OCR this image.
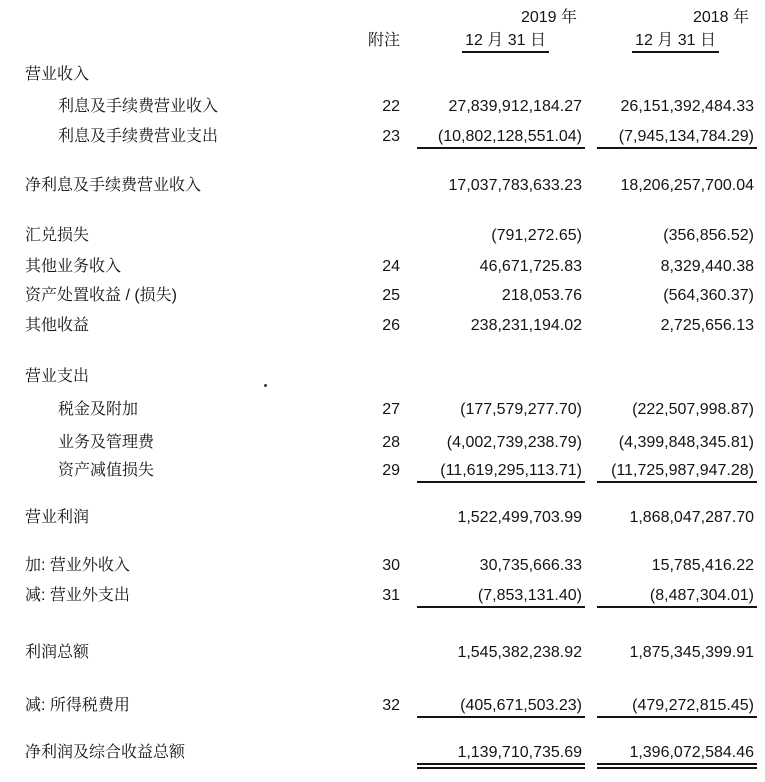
2019 年	2018 年
附注	12 月 31 日	12 月 31 日
营业收入
利息及手续费营业收入	22	27,839,912,184.27	26,151,392,484.33
利息及手续费营业支出	23	(10,802,128,551.04)	(7,945,134,784.29)
净利息及手续费营业收入	17,037,783,633.23	18,206,257,700.04
汇兑损失	(791,272.65)	(356,856.52)
其他业务收入	24	46,671,725.83	8,329,440.38
资产处置收益 / (损失)	25	218,053.76	(564,360.37)
其他收益	26	238,231,194.02	2,725,656.13
营业支出
税金及附加	27	(177,579,277.70)	(222,507,998.87)
业务及管理费	28	(4,002,739,238.79)	(4,399,848,345.81)
资产减值损失	29	(11,619,295,113.71)	(11,725,987,947.28)
营业利润	1,522,499,703.99	1,868,047,287.70
加: 营业外收入	30	30,735,666.33	15,785,416.22
减: 营业外支出	31	(7,853,131.40)	(8,487,304.01)
利润总额	1,545,382,238.92	1,875,345,399.91
减: 所得税费用	32	(405,671,503.23)	(479,272,815.45)
净利润及综合收益总额	1,139,710,735.69	1,396,072,584.46
